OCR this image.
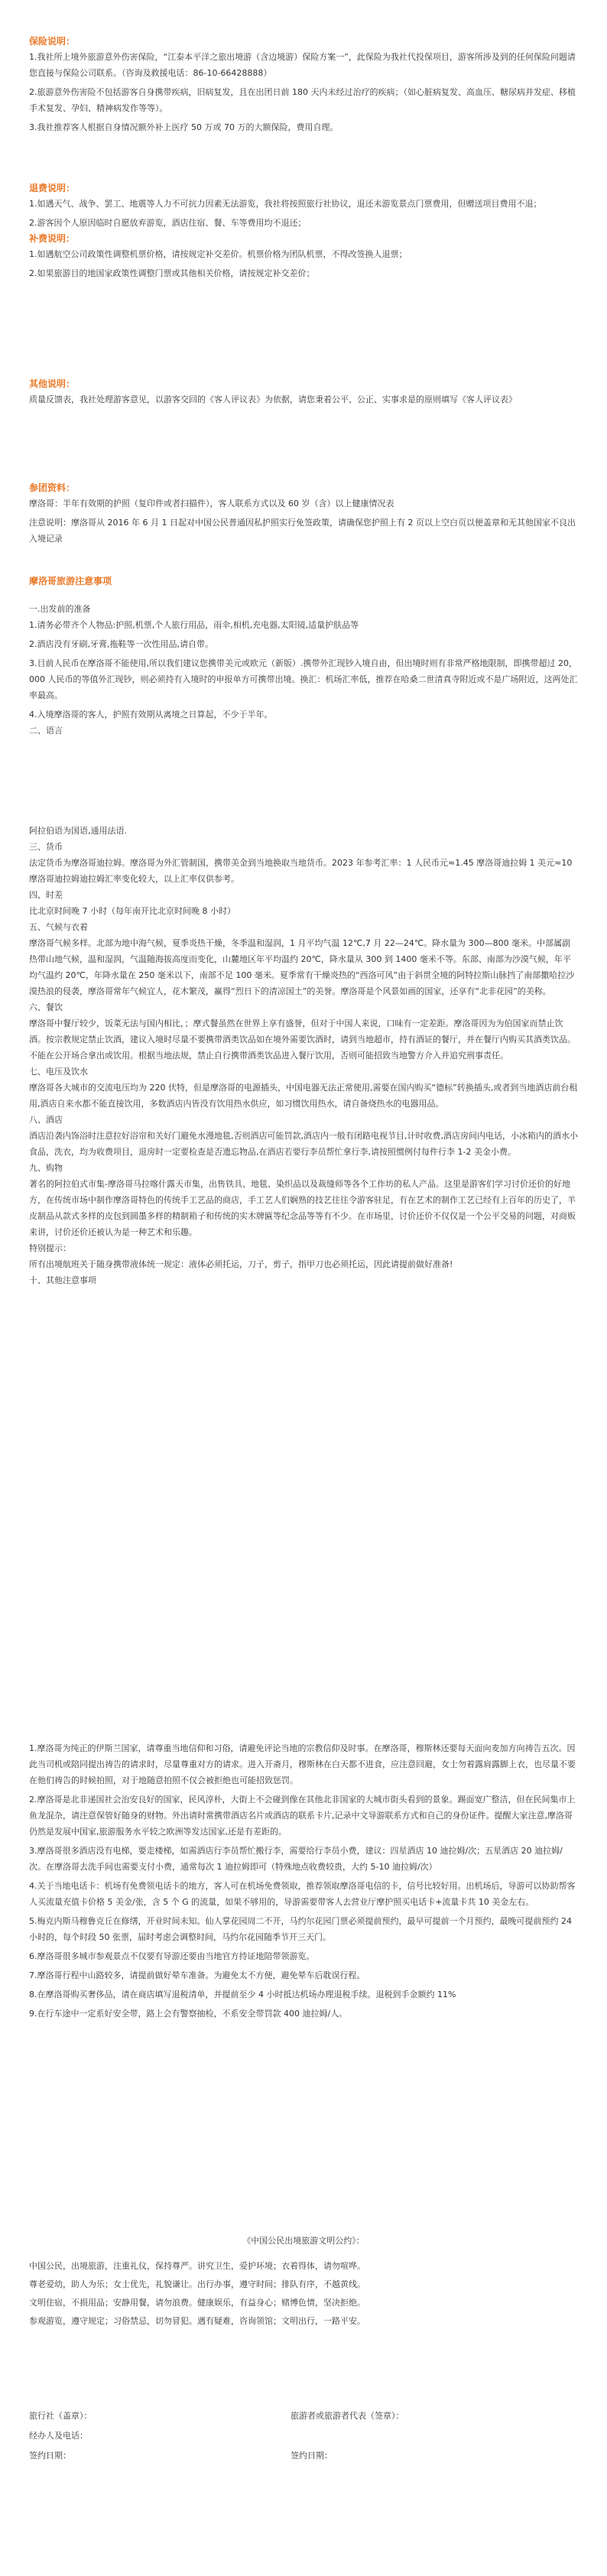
保险说明：

1.我社所上境外旅游意外伤害保险，“江泰本平洋之旅出境游（含边境游）保险方案一”，此保险为我社代投保项目，游客所涉及到的任何保险问题请您直接与保险公司联系。（咨询及救援电话：86-10-66428888）

2.旅游意外伤害险不包括游客自身携带疾病，旧病复发，且在出团日前 180 天内未经过治疗的疾病；（如心脏病复发、高血压、糖尿病并发症、移植手术复发、孕妇、精神病发作等等）。

3.我社推荐客人根据自身情况额外补上医疗 50 万或 70 万的大额保险，费用自理。

退费说明：

1.如遇天气、战争、罢工、地震等人力不可抗力因素无法游览，我社将按照旅行社协议，退还未游览景点门票费用，但赠送项目费用不退；

2.游客因个人原因临时自愿放弃游览，酒店住宿、餐、车等费用均不退还；

补费说明：

1.如遇航空公司政策性调整机票价格，请按规定补交差价。机票价格为团队机票，不得改签换人退票；

2.如果旅游目的地国家政策性调整门票或其他相关价格，请按规定补交差价；

其他说明：

质量反馈表，我社处理游客意见，以游客交回的《客人评议表》为依据，请您秉着公平、公正、实事求是的原则填写《客人评议表》

参团资料：

摩洛哥：半年有效期的护照（复印件或者扫描件），客人联系方式以及 60 岁（含）以上健康情况表

注意说明：摩洛哥从 2016 年 6 月 1 日起对中国公民普通因私护照实行免签政策，请确保您护照上有 2 页以上空白页以便盖章和无其他国家不良出入境记录

摩洛哥旅游注意事项

一.出发前的准备

1.请务必带齐个人物品:护照,机票,个人旅行用品，雨伞,相机,充电器,太阳镜,适量护肤品等

2.酒店没有牙刷,牙膏,拖鞋等一次性用品,请自带。

3.目前人民币在摩洛哥不能使用,所以我们建议您携带美元或欧元（新版）.携带外汇现钞入境自由，但出境时则有非常严格地限制，即携带超过 20，000 人民币的等值外汇现钞，则必须持有入境时的申报单方可携带出境。换汇：机场汇率低，推荐在哈桑二世清真寺附近或不是广场附近，这两处汇率最高。

4.入境摩洛哥的客人，护照有效期从离境之日算起，不少于半年。

二、语言

阿拉伯语为国语,通用法语.

三、货币

法定货币为摩洛哥迪拉姆。摩洛哥为外汇管制国，携带美金到当地换取当地货币。2023 年参考汇率：1 人民币元≈1.45 摩洛哥迪拉姆 1 美元≈10 摩洛哥迪拉姆迪拉姆汇率变化较大，以上汇率仅供参考。

四、时差

比北京时间晚 7 小时（每年南开比北京时间晚 8 小时）

五、气候与衣着

摩洛哥气候多样。北部为地中海气候，夏季炎热干燥，冬季温和湿润，1 月平均气温 12℃,7 月 22—24℃。降水量为 300—800 毫米。中部属副热带山地气候，温和湿润，气温随海拔高度而变化，山麓地区年平均温约 20℃，降水量从 300 到 1400 毫米不等。东部、南部为沙漠气候，年平均气温约 20℃，年降水量在 250 毫米以下，南部不足 100 毫米。夏季常有干燥炎热的“西洛可风”由于斜贯全境的阿特拉斯山脉挡了南部撒哈拉沙漠热浪的侵袭，摩洛哥常年气候宜人，花木繁茂，赢得“烈日下的清凉国土”的美誉。摩洛哥是个风景如画的国家，还享有“北非花园”的美称。

六、餐饮

摩洛哥中餐厅较少，饭菜无法与国内相比，；摩式餐虽然在世界上享有盛誉，但对于中国人来说，口味有一定差距。摩洛哥因为为伯国家而禁止饮酒。按宗教规定禁止饮酒，建议入境时尽量不要携带酒类饮品如在境外需要饮酒时，请到当地超市，持有酒证的餐厅，并在餐厅内购买其酒类饮品。不能在公开场合拿出或饮用。根据当地法规，禁止自行携带酒类饮品进入餐厅饮用，否则可能招致当地警方介入并追究刑事责任。

七、电压及饮水

摩洛哥各大城市的交流电压均为 220 伏特，但是摩洛哥的电源插头，中国电器无法正常使用,需要在国内购买“德标”转换插头,或者到当地酒店前台租用,酒店自来水都不能直接饮用，多数酒店内皆没有饮用热水供应，如习惯饮用热水，请自备烧热水的电器用品。

八、酒店

酒店沿袭内饰浴时注意拉好浴帘和关好门避免水漫地毯,否则酒店可能罚款,酒店内一般有闭路电视节目,计时收费,酒店房间内电话，小冰箱内的酒水小食品，洗衣，均为收费项目，退房时一定要检查是否遗忘物品,在酒店若要行李员帮忙拿行李,请按照惯例付每件行李 1-2 美金小费。

九、购物

著名的阿拉伯式市集-摩洛哥马拉喀什露天市集，出售铁具、地毯、染织品以及裁缝师等各个工作坊的私人产品。这里是游客们学习讨价还价的好地方，在传统市场中制作摩洛哥特色的传统手工艺品的商店，手工艺人们娴熟的技艺往往令游客驻足，有在艺术的制作工艺已经有上百年的历史了，羊皮制品从款式多样的皮包到圆墨多样的精制箱子和传统的实木牌匾等纪念品等等有不少。在市场里，讨价还价不仅仅是一个公平交易的问题，对商贩来讲，讨价还价还被认为是一种艺术和乐趣。

特别提示：

所有出境航班关于随身携带液体统一规定：液体必须托运，刀子，剪子，指甲刀也必须托运，因此请提前做好准备!

十、其他注意事项

1.摩洛哥为纯正的伊斯兰国家，请尊重当地信仰和习俗，请避免评论当地的宗教信仰及时事。在摩洛哥，穆斯林还要每天面向麦加方向祷告五次。因此当司机或陪同提出祷告的请求时，尽量尊重对方的请求。进入开斋月，穆斯林在白天都不进食，应注意回避，女士勿着露肩露脚上衣，也尽量不要在他们祷告的时候拍照，对于地随意拍照不仅会被拒绝也可能招致惩罚。

2.摩洛哥是北非递国社会治安良好的国家，民风淳朴，大街上不会碰到像在其他北非国家的大城市街头看到的景象。踢面宽广整洁，但在民间集市上鱼龙混杂，请注意保管好随身的财物。外出请时常携带酒店名片或酒店的联系卡片,记录中文导游联系方式和自己的身份证件。提醒大家注意,摩洛哥仍然是发展中国家,旅游服务水平较之欧洲等发达国家,还是有差距的。

3.摩洛哥很多酒店没有电梯，要走楼梯，如需酒店行李员帮忙搬行李，需要给行李员小费，建议：四星酒店 10 迪拉姆/次；五星酒店 20 迪拉姆/次。在摩洛哥去洗手间也需要支付小费，通常每次 1 迪拉姆即可（特殊地点收费较贵，大约 5-10 迪拉姆/次）

4.关于当地电话卡：机场有免费领电话卡的地方，客人可在机场免费领取，推荐领取摩洛哥电信的卡，信号比较好用。出机场后，导游可以协助帮客人买流量充值卡价格 5 美金/张，含 5 个 G 的流量，如果不够用的，导游需要带客人去营业厅摩护照买电话卡+流量卡共 10 美金左右。

5.梅克内斯马穆鲁克丘在修缮，开业时间未知。仙人掌花园周二不开，马约尔花园门票必须提前预约，最早可提前一个月预约，最晚可提前预约 24 小时的，每个时段 50 张票，届时考虑会调整时间，马约尔花园随季节开三天门。

6.摩洛哥很多城市参观景点不仅要有导游还要由当地官方持证地陪带领游览。

7.摩洛哥行程中山路较多，请提前做好晕车准备。为避免太不方便，避免晕车后耽误行程。

8.在摩洛哥购买奢侈品，请在商店填写退税清单，并提前至少 4 小时抵达机场办理退税手续。退税到手金额约 11%

9.在行车途中一定系好安全带，路上会有警察抽检，不系安全带罚款 400 迪拉姆/人。

《中国公民出境旅游文明公约》：

中国公民，出境旅游，注重礼仪，保持尊严。讲究卫生，爱护环境；衣着得体，请勿喧哗。

尊老爱幼，助人为乐；女士优先，礼貌谦让。出行办事，遵守时间；排队有序，不越黄线。

文明住宿，不损用品；安静用餐，请勿浪费。健康娱乐，有益身心；赌博色情，坚决拒绝。

参观游览，遵守规定；习俗禁忌，切勿冒犯。遇有疑难，咨询领馆；文明出行，一路平安。

旅行社（盖章）：	旅游者或旅游者代表（签章）：
经办人及电话：
签约日期：	签约日期：
